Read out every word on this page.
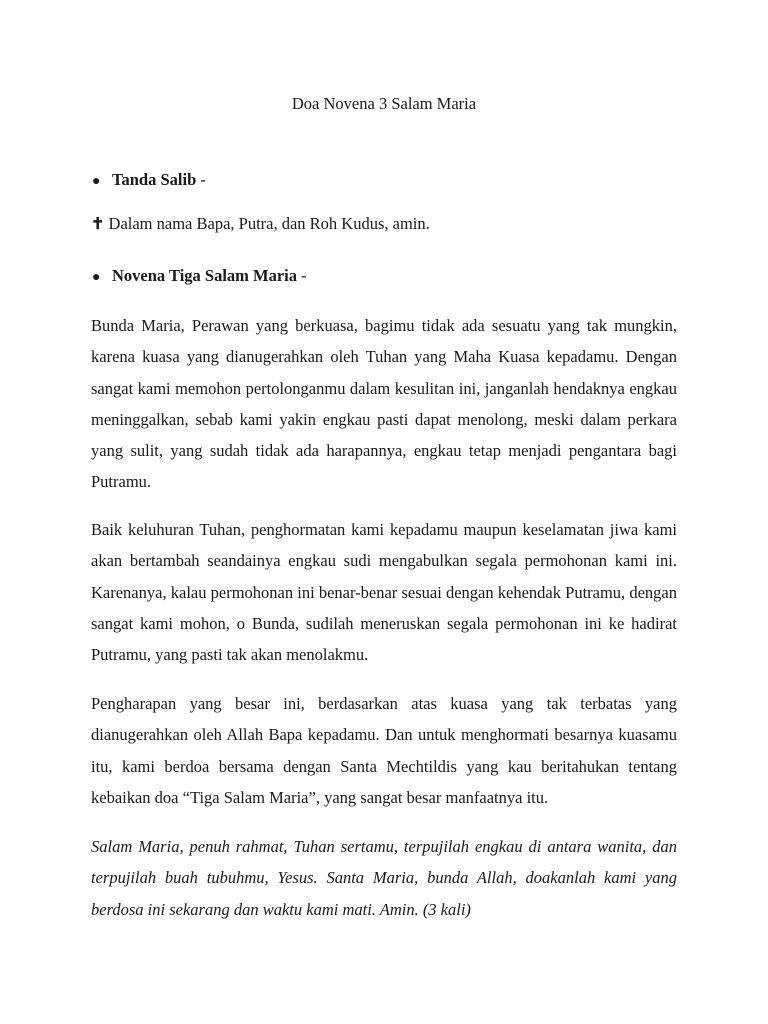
Doa Novena 3 Salam Maria
● Tanda Salib -
✝ Dalam nama Bapa, Putra, dan Roh Kudus, amin.
● Novena Tiga Salam Maria -

Bunda Maria, Perawan yang berkuasa, bagimu tidak ada sesuatu yang tak mungkin, karena kuasa yang dianugerahkan oleh Tuhan yang Maha Kuasa kepadamu. Dengan sangat kami memohon pertolonganmu dalam kesulitan ini, janganlah hendaknya engkau meninggalkan, sebab kami yakin engkau pasti dapat menolong, meski dalam perkara yang sulit, yang sudah tidak ada harapannya, engkau tetap menjadi pengantara bagi Putramu.

Baik keluhuran Tuhan, penghormatan kami kepadamu maupun keselamatan jiwa kami akan bertambah seandainya engkau sudi mengabulkan segala permohonan kami ini. Karenanya, kalau permohonan ini benar-benar sesuai dengan kehendak Putramu, dengan sangat kami mohon, o Bunda, sudilah meneruskan segala permohonan ini ke hadirat Putramu, yang pasti tak akan menolakmu.

Pengharapan yang besar ini, berdasarkan atas kuasa yang tak terbatas yang dianugerahkan oleh Allah Bapa kepadamu. Dan untuk menghormati besarnya kuasamu itu, kami berdoa bersama dengan Santa Mechtildis yang kau beritahukan tentang kebaikan doa “Tiga Salam Maria”, yang sangat besar manfaatnya itu.

Salam Maria, penuh rahmat, Tuhan sertamu, terpujilah engkau di antara wanita, dan terpujilah buah tubuhmu, Yesus. Santa Maria, bunda Allah, doakanlah kami yang berdosa ini sekarang dan waktu kami mati. Amin. (3 kali)
